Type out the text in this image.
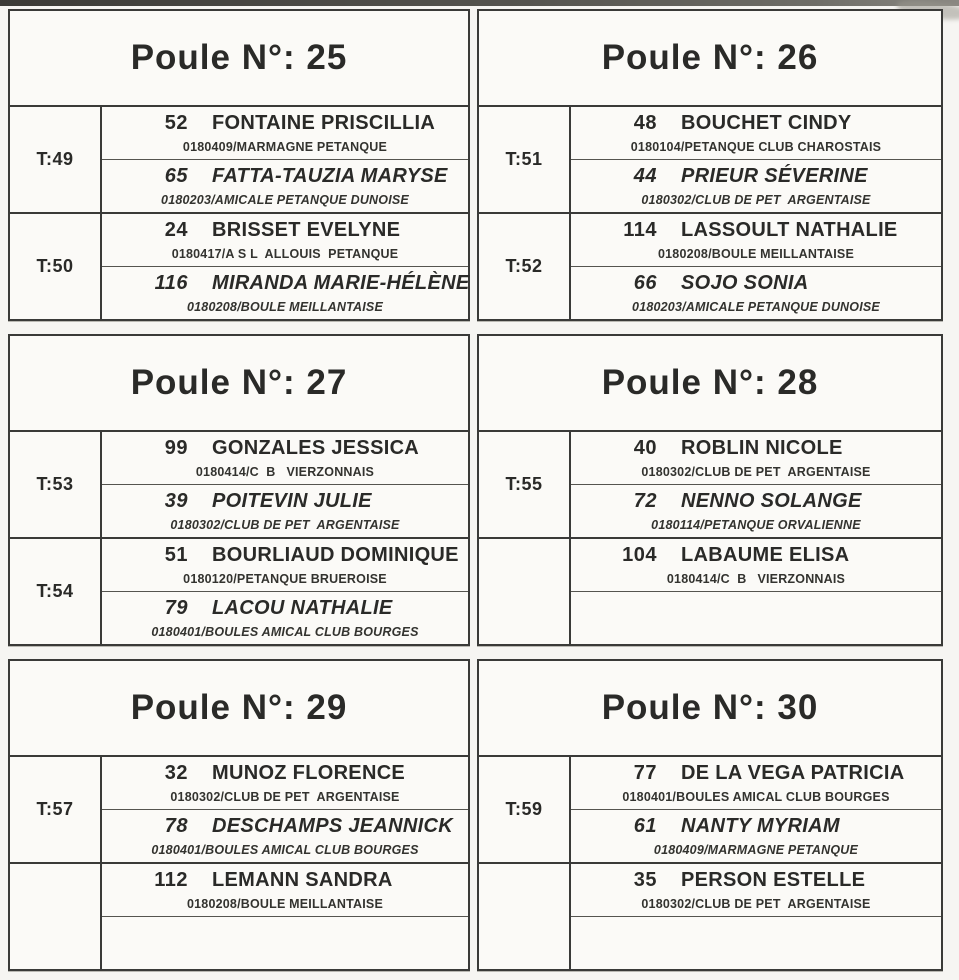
Poule N°: 25
T:49
52 FONTAINE PRISCILLIA
0180409/MARMAGNE PETANQUE
65 FATTA-TAUZIA MARYSE
0180203/AMICALE PETANQUE DUNOISE
T:50
24 BRISSET EVELYNE
0180417/A S L  ALLOUIS  PETANQUE
116 MIRANDA MARIE-HÉLÈNE
0180208/BOULE MEILLANTAISE
Poule N°: 26
T:51
48 BOUCHET CINDY
0180104/PETANQUE CLUB CHAROSTAIS
44 PRIEUR SÉVERINE
0180302/CLUB DE PET  ARGENTAISE
T:52
114 LASSOULT NATHALIE
0180208/BOULE MEILLANTAISE
66 SOJO SONIA
0180203/AMICALE PETANQUE DUNOISE
Poule N°: 27
T:53
99 GONZALES JESSICA
0180414/C  B   VIERZONNAIS
39 POITEVIN JULIE
0180302/CLUB DE PET  ARGENTAISE
T:54
51 BOURLIAUD DOMINIQUE
0180120/PETANQUE BRUEROISE
79 LACOU NATHALIE
0180401/BOULES AMICAL CLUB BOURGES
Poule N°: 28
T:55
40 ROBLIN NICOLE
0180302/CLUB DE PET  ARGENTAISE
72 NENNO SOLANGE
0180114/PETANQUE ORVALIENNE
104 LABAUME ELISA
0180414/C  B   VIERZONNAIS
Poule N°: 29
T:57
32 MUNOZ FLORENCE
0180302/CLUB DE PET  ARGENTAISE
78 DESCHAMPS JEANNICK
0180401/BOULES AMICAL CLUB BOURGES
112 LEMANN SANDRA
0180208/BOULE MEILLANTAISE
Poule N°: 30
T:59
77 DE LA VEGA PATRICIA
0180401/BOULES AMICAL CLUB BOURGES
61 NANTY MYRIAM
0180409/MARMAGNE PETANQUE
35 PERSON ESTELLE
0180302/CLUB DE PET  ARGENTAISE
